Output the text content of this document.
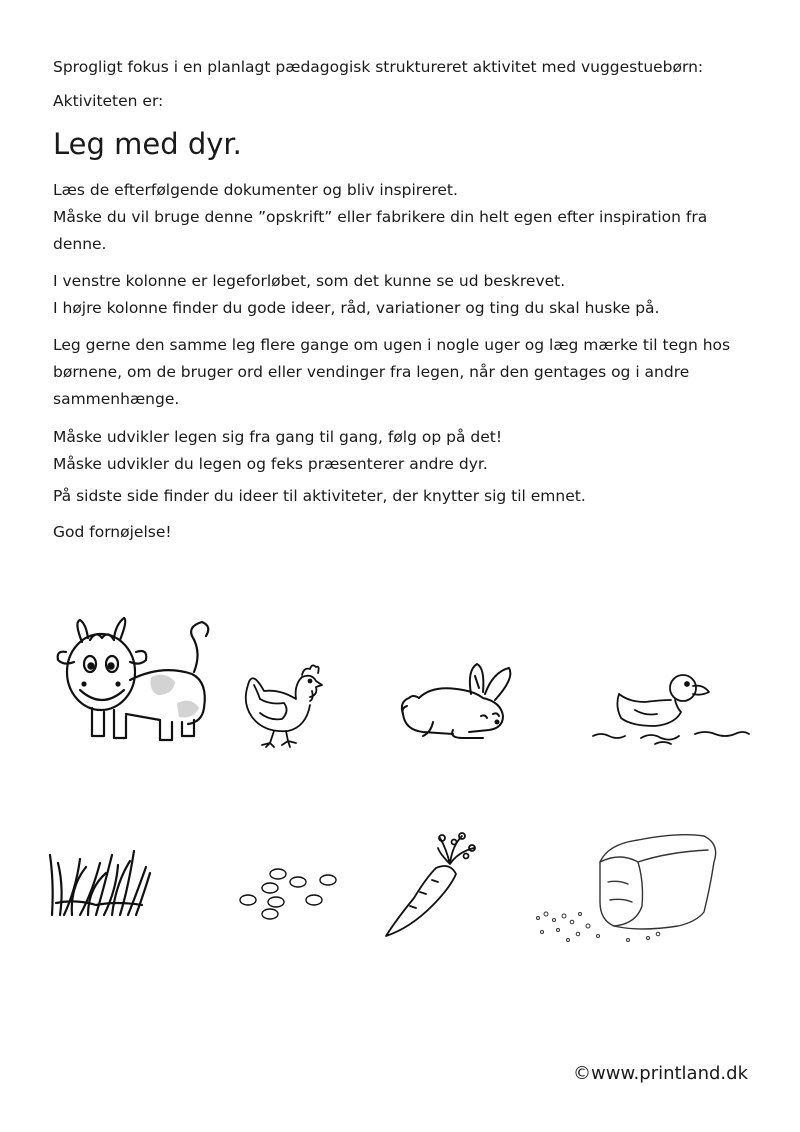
Sprogligt fokus i en planlagt pædagogisk struktureret aktivitet med vuggestuebørn:

Aktiviteten er:

Leg med dyr.

Læs de efterfølgende dokumenter og bliv inspireret.

Måske du vil bruge denne ”opskrift” eller fabrikere din helt egen efter inspiration fra denne.

I venstre kolonne er legeforløbet, som det kunne se ud beskrevet.

I højre kolonne finder du gode ideer, råd, variationer og ting du skal huske på.

Leg gerne den samme leg flere gange om ugen i nogle uger og læg mærke til tegn hos børnene, om de bruger ord eller vendinger fra legen, når den gentages og i andre sammenhænge.

Måske udvikler legen sig fra gang til gang, følg op på det!

Måske udvikler du legen og feks præsenterer andre dyr.

På sidste side finder du ideer til aktiviteter, der knytter sig til emnet.

God fornøjelse!

©www.printland.dk
